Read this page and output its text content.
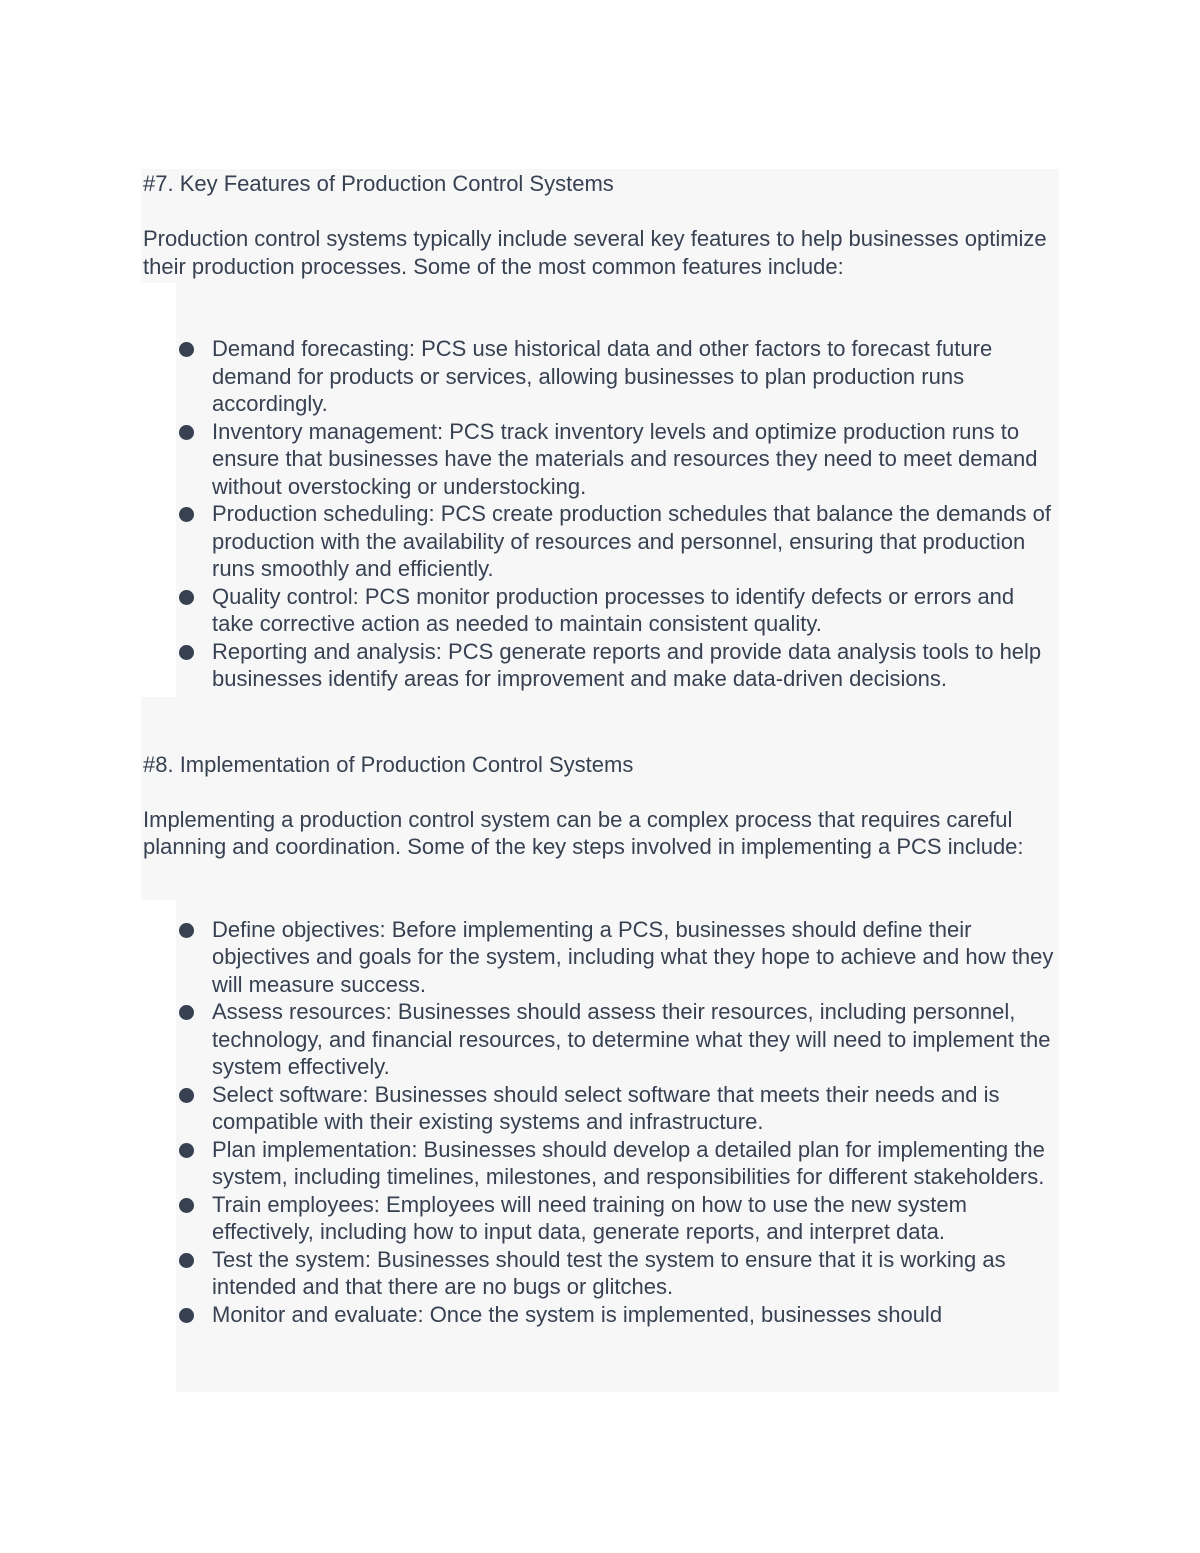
#7. Key Features of Production Control Systems

Production control systems typically include several key features to help businesses optimize their production processes. Some of the most common features include:

Demand forecasting: PCS use historical data and other factors to forecast future demand for products or services, allowing businesses to plan production runs accordingly.
Inventory management: PCS track inventory levels and optimize production runs to ensure that businesses have the materials and resources they need to meet demand without overstocking or understocking.
Production scheduling: PCS create production schedules that balance the demands of production with the availability of resources and personnel, ensuring that production runs smoothly and efficiently.
Quality control: PCS monitor production processes to identify defects or errors and take corrective action as needed to maintain consistent quality.
Reporting and analysis: PCS generate reports and provide data analysis tools to help businesses identify areas for improvement and make data-driven decisions.
#8. Implementation of Production Control Systems

Implementing a production control system can be a complex process that requires careful planning and coordination. Some of the key steps involved in implementing a PCS include:

Define objectives: Before implementing a PCS, businesses should define their objectives and goals for the system, including what they hope to achieve and how they will measure success.
Assess resources: Businesses should assess their resources, including personnel, technology, and financial resources, to determine what they will need to implement the system effectively.
Select software: Businesses should select software that meets their needs and is compatible with their existing systems and infrastructure.
Plan implementation: Businesses should develop a detailed plan for implementing the system, including timelines, milestones, and responsibilities for different stakeholders.
Train employees: Employees will need training on how to use the new system effectively, including how to input data, generate reports, and interpret data.
Test the system: Businesses should test the system to ensure that it is working as intended and that there are no bugs or glitches.
Monitor and evaluate: Once the system is implemented, businesses should
